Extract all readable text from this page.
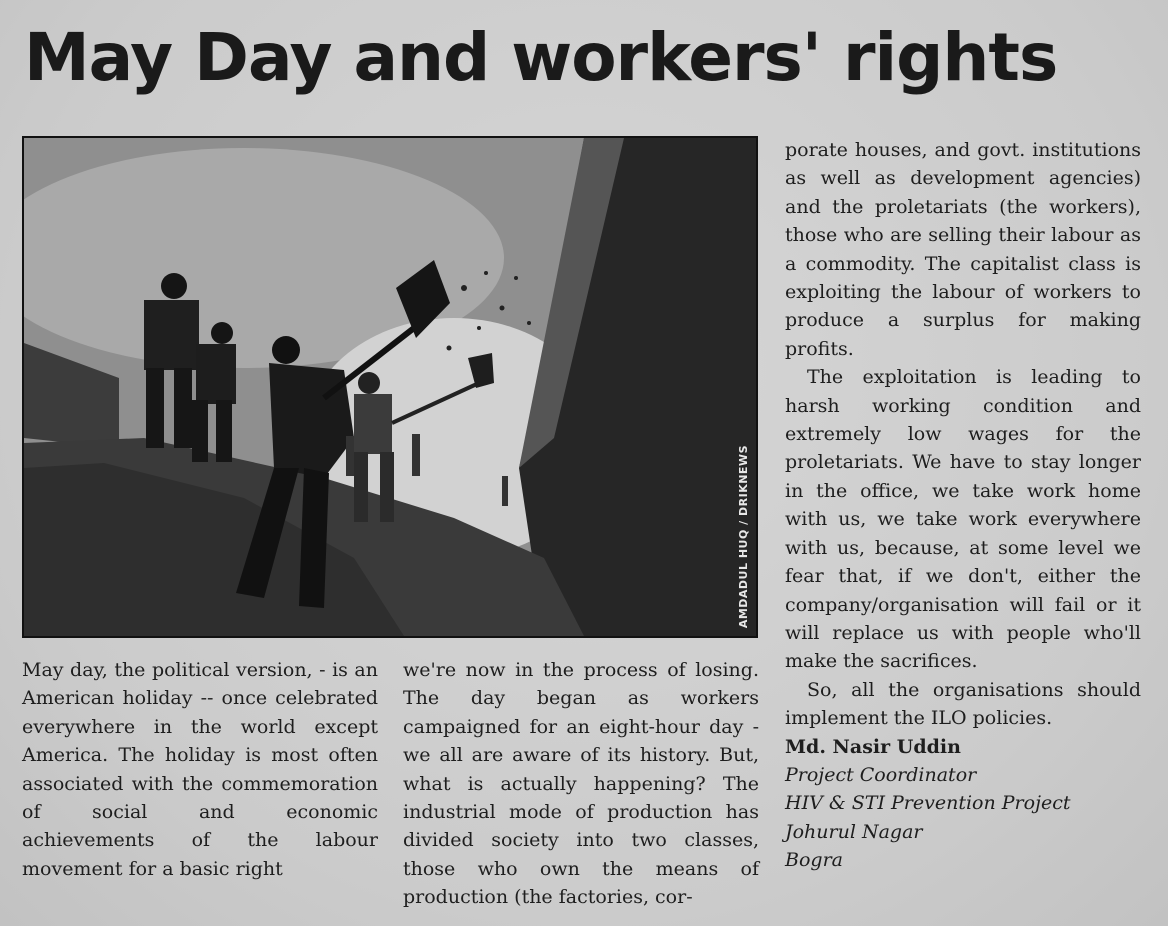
May Day and workers' rights
AMDADUL HUQ / DRIKNEWS

May day, the political version, - is an American holiday -- once celebrated everywhere in the world except America. The holiday is most often associated with the commemoration of social and economic achievements of the labour movement for a basic right

we're now in the process of losing. The day began as workers campaigned for an eight-hour day - we all are aware of its history. But, what is actually happening? The industrial mode of production has divided society into two classes, those who own the means of production (the factories, cor-

porate houses, and govt. institutions as well as development agencies) and the proletariats (the workers), those who are selling their labour as a commodity. The capitalist class is exploiting the labour of workers to produce a surplus for making profits.

The exploitation is leading to harsh working condition and extremely low wages for the proletariats. We have to stay longer in the office, we take work home with us, we take work everywhere with us, because, at some level we fear that, if we don't, either the company/organisation will fail or it will replace us with people who'll make the sacrifices.

So, all the organisations should implement the ILO policies.

Md. Nasir Uddin

Project Coordinator

HIV & STI Prevention Project

Johurul Nagar

Bogra
